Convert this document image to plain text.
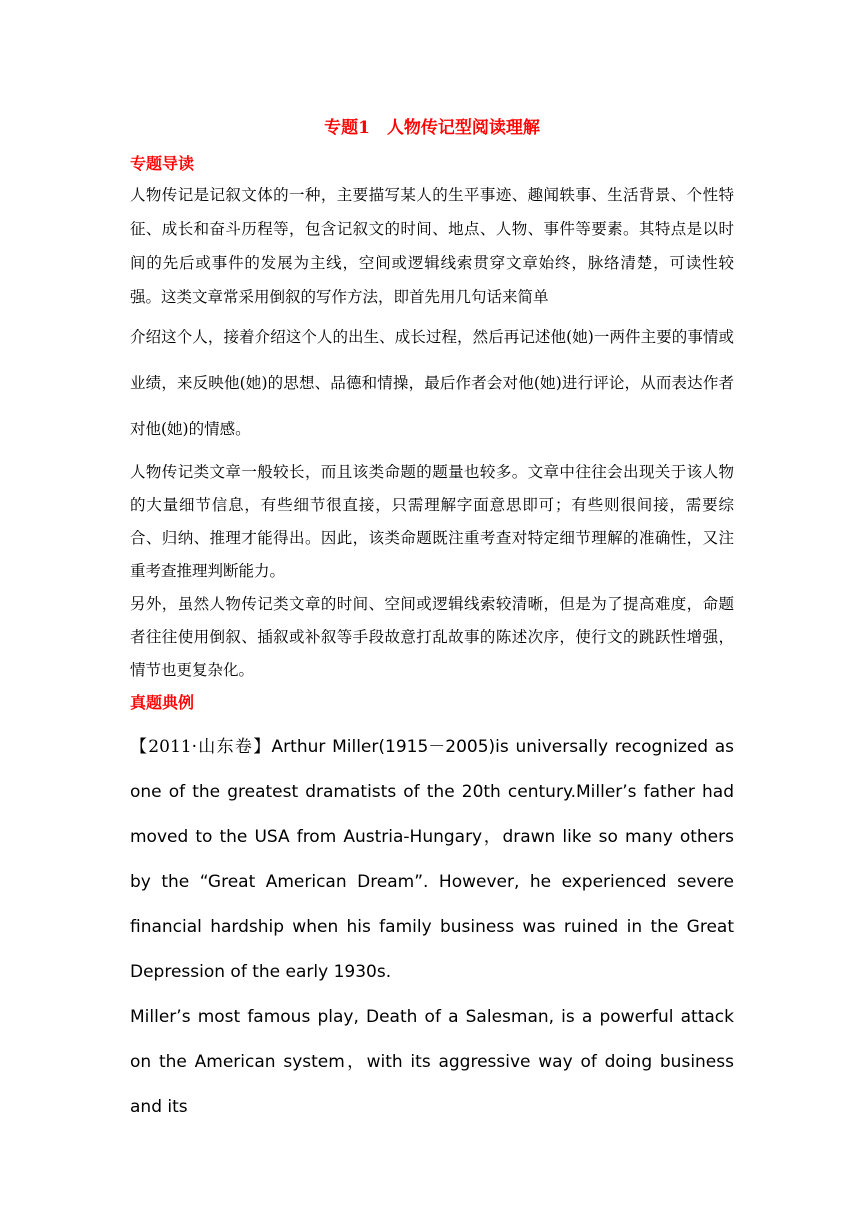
专题1　人物传记型阅读理解
专题导读
人物传记是记叙文体的一种，主要描写某人的生平事迹、趣闻轶事、生活背景、个性特征、成长和奋斗历程等，包含记叙文的时间、地点、人物、事件等要素。其特点是以时间的先后或事件的发展为主线，空间或逻辑线索贯穿文章始终，脉络清楚，可读性较强。这类文章常采用倒叙的写作方法，即首先用几句话来简单
介绍这个人，接着介绍这个人的出生、成长过程，然后再记述他(她)一两件主要的事情或业绩，来反映他(她)的思想、品德和情操，最后作者会对他(她)进行评论，从而表达作者对他(她)的情感。
人物传记类文章一般较长，而且该类命题的题量也较多。文章中往往会出现关于该人物的大量细节信息，有些细节很直接，只需理解字面意思即可；有些则很间接，需要综合、归纳、推理才能得出。因此，该类命题既注重考查对特定细节理解的准确性，又注重考查推理判断能力。
另外，虽然人物传记类文章的时间、空间或逻辑线索较清晰，但是为了提高难度，命题者往往使用倒叙、插叙或补叙等手段故意打乱故事的陈述次序，使行文的跳跃性增强，情节也更复杂化。
真题典例
【2011·山东卷】Arthur Miller(1915－2005)is universally recognized as one of the greatest dramatists of the 20th century.Miller’s father had moved to the USA from Austria-Hungary，drawn like so many others by the “Great American Dream”. However, he experienced severe financial hardship when his family business was ruined in the Great Depression of the early 1930s.
Miller’s most famous play, Death of a Salesman, is a powerful attack on the American system，with its aggressive way of doing business and its
